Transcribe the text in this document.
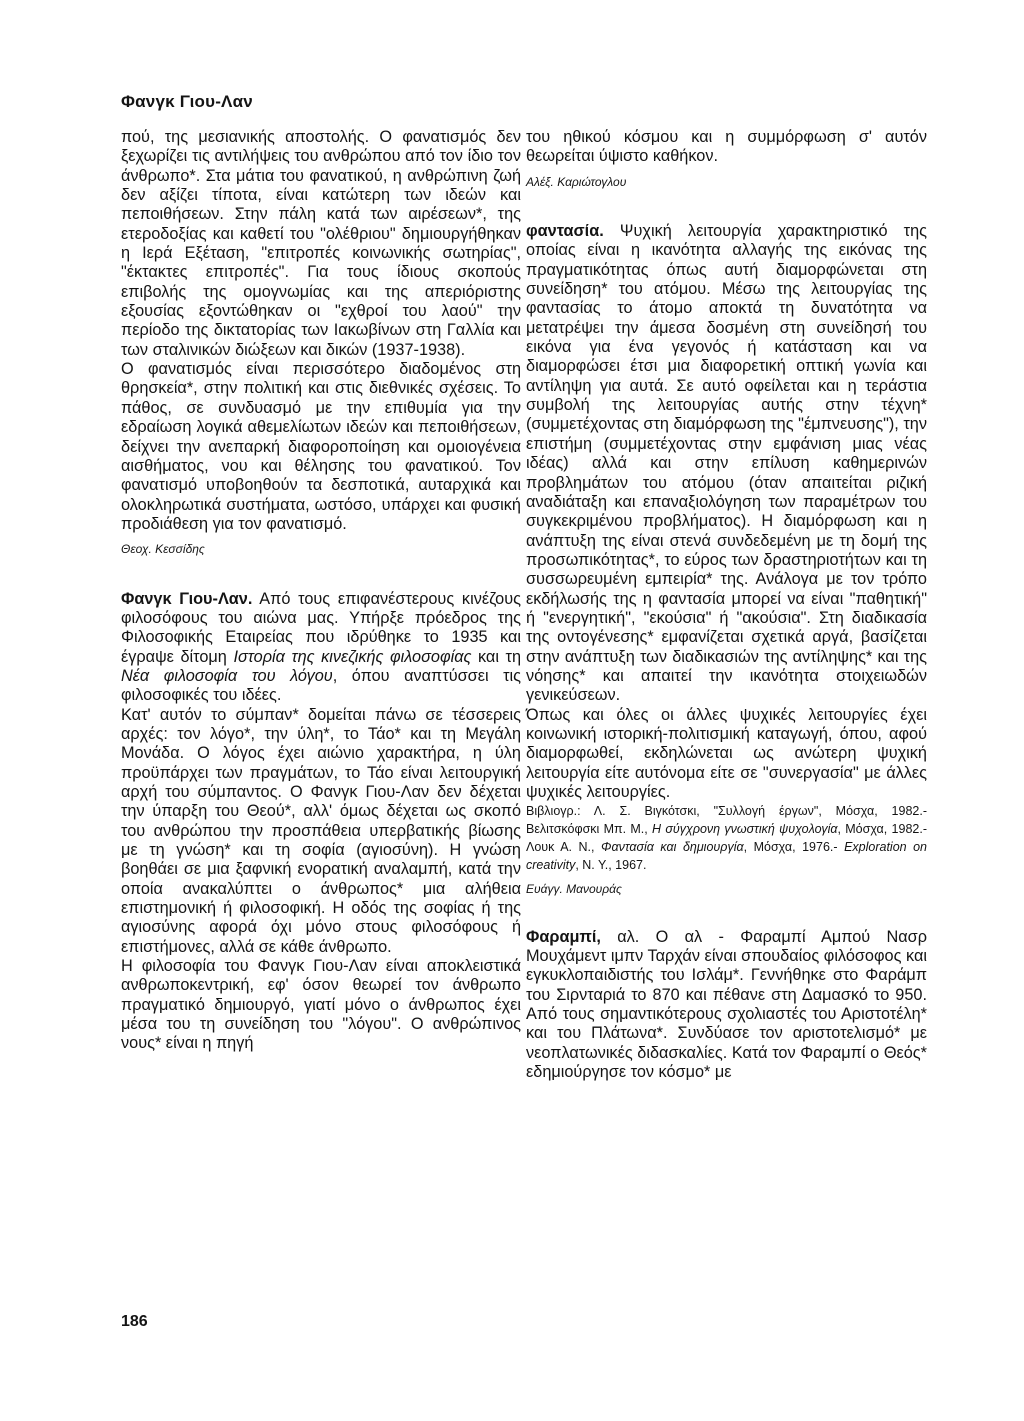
Φανγκ Γιου-Λαν

πού, της μεσιανικής αποστολής. Ο φανατισμός δεν ξεχωρίζει τις αντιλήψεις του ανθρώπου από τον ίδιο τον άνθρωπο*. Στα μάτια του φανατικού, η ανθρώπινη ζωή δεν αξίζει τίποτα, είναι κατώτερη των ιδεών και πεποιθήσεων. Στην πάλη κατά των αιρέσεων*, της ετεροδοξίας και καθετί του "ολέθριου" δημιουργήθηκαν η Ιερά Εξέταση, "επιτροπές κοινωνικής σωτηρίας", "έκτακτες επιτροπές". Για τους ίδιους σκοπούς επιβολής της ομογνωμίας και της απεριόριστης εξουσίας εξοντώθηκαν οι "εχθροί του λαού" την περίοδο της δικτατορίας των Ιακωβίνων στη Γαλλία και των σταλινικών διώξεων και δικών (1937-1938).

Ο φανατισμός είναι περισσότερο διαδομένος στη θρησκεία*, στην πολιτική και στις διεθνικές σχέσεις. Το πάθος, σε συνδυασμό με την επιθυμία για την εδραίωση λογικά αθεμελίωτων ιδεών και πεποιθήσεων, δείχνει την ανεπαρκή διαφοροποίηση και ομοιογένεια αισθήματος, νου και θέλησης του φανατικού. Τον φανατισμό υποβοηθούν τα δεσποτικά, αυταρχικά και ολοκληρωτικά συστήματα, ωστόσο, υπάρχει και φυσική προδιάθεση για τον φανατισμό.

Θεοχ. Κεσσίδης

Φανγκ Γιου-Λαν. Από τους επιφανέστερους κινέζους φιλοσόφους του αιώνα μας. Υπήρξε πρόεδρος της Φιλοσοφικής Εταιρείας που ιδρύθηκε το 1935 και έγραψε δίτομη Ιστορία της κινεζικής φιλοσοφίας και τη Νέα φιλοσοφία του λόγου, όπου αναπτύσσει τις φιλοσοφικές του ιδέες.

Κατ' αυτόν το σύμπαν* δομείται πάνω σε τέσσερεις αρχές: τον λόγο*, την ύλη*, το Τάο* και τη Μεγάλη Μονάδα. Ο λόγος έχει αιώνιο χαρακτήρα, η ύλη προϋπάρχει των πραγμάτων, το Τάο είναι λειτουργική αρχή του σύμπαντος. Ο Φανγκ Γιου-Λαν δεν δέχεται την ύπαρξη του Θεού*, αλλ' όμως δέχεται ως σκοπό του ανθρώπου την προσπάθεια υπερβατικής βίωσης με τη γνώση* και τη σοφία (αγιοσύνη). Η γνώση βοηθάει σε μια ξαφνική ενορατική αναλαμπή, κατά την οποία ανακαλύπτει ο άνθρωπος* μια αλήθεια επιστημονική ή φιλοσοφική. Η οδός της σοφίας ή της αγιοσύνης αφορά όχι μόνο στους φιλοσόφους ή επιστήμονες, αλλά σε κάθε άνθρωπο.

Η φιλοσοφία του Φανγκ Γιου-Λαν είναι αποκλειστικά ανθρωποκεντρική, εφ' όσον θεωρεί τον άνθρωπο πραγματικό δημιουργό, γιατί μόνο ο άνθρωπος έχει μέσα του τη συνείδηση του "λόγου". Ο ανθρώπινος νους* είναι η πηγή

του ηθικού κόσμου και η συμμόρφωση σ' αυτόν θεωρείται ύψιστο καθήκον.

Αλέξ. Καριώτογλου

φαντασία. Ψυχική λειτουργία χαρακτηριστικό της οποίας είναι η ικανότητα αλλαγής της εικόνας της πραγματικότητας όπως αυτή διαμορφώνεται στη συνείδηση* του ατόμου. Μέσω της λειτουργίας της φαντασίας το άτομο αποκτά τη δυνατότητα να μετατρέψει την άμεσα δοσμένη στη συνείδησή του εικόνα για ένα γεγονός ή κατάσταση και να διαμορφώσει έτσι μια διαφορετική οπτική γωνία και αντίληψη για αυτά. Σε αυτό οφείλεται και η τεράστια συμβολή της λειτουργίας αυτής στην τέχνη* (συμμετέχοντας στη διαμόρφωση της "έμπνευσης"), την επιστήμη (συμμετέχοντας στην εμφάνιση μιας νέας ιδέας) αλλά και στην επίλυση καθημερινών προβλημάτων του ατόμου (όταν απαιτείται ριζική αναδιάταξη και επαναξιολόγηση των παραμέτρων του συγκεκριμένου προβλήματος). Η διαμόρφωση και η ανάπτυξη της είναι στενά συνδεδεμένη με τη δομή της προσωπικότητας*, το εύρος των δραστηριοτήτων και τη συσσωρευμένη εμπειρία* της. Ανάλογα με τον τρόπο εκδήλωσής της η φαντασία μπορεί να είναι "παθητική" ή "ενεργητική", "εκούσια" ή "ακούσια". Στη διαδικασία της οντογένεσης* εμφανίζεται σχετικά αργά, βασίζεται στην ανάπτυξη των διαδικασιών της αντίληψης* και της νόησης* και απαιτεί την ικανότητα στοιχειωδών γενικεύσεων.

Όπως και όλες οι άλλες ψυχικές λειτουργίες έχει κοινωνική ιστορική-πολιτισμική καταγωγή, όπου, αφού διαμορφωθεί, εκδηλώνεται ως ανώτερη ψυχική λειτουργία είτε αυτόνομα είτε σε "συνεργασία" με άλλες ψυχικές λειτουργίες.

Βιβλιογρ.: Λ. Σ. Βιγκότσκι, "Συλλογή έργων", Μόσχα, 1982.- Βελιτσκόφσκι Μπ. Μ., Η σύγχρονη γνωστική ψυχολογία, Μόσχα, 1982.- Λουκ Α. Ν., Φαντασία και δημιουργία, Μόσχα, 1976.- Exploration on creativity, N. Y., 1967.

Ευάγγ. Μανουράς

Φαραμπί, αλ. Ο αλ - Φαραμπί Αμπού Νασρ Μουχάμεντ ιμπν Ταρχάν είναι σπουδαίος φιλόσοφος και εγκυκλοπαιδιστής του Ισλάμ*. Γεννήθηκε στο Φαράμπ του Σιρνταριά το 870 και πέθανε στη Δαμασκό το 950. Από τους σημαντικότερους σχολιαστές του Αριστοτέλη* και του Πλάτωνα*. Συνδύασε τον αριστοτελισμό* με νεοπλατωνικές διδασκαλίες. Κατά τον Φαραμπί ο Θεός* εδημιούργησε τον κόσμο* με

186
